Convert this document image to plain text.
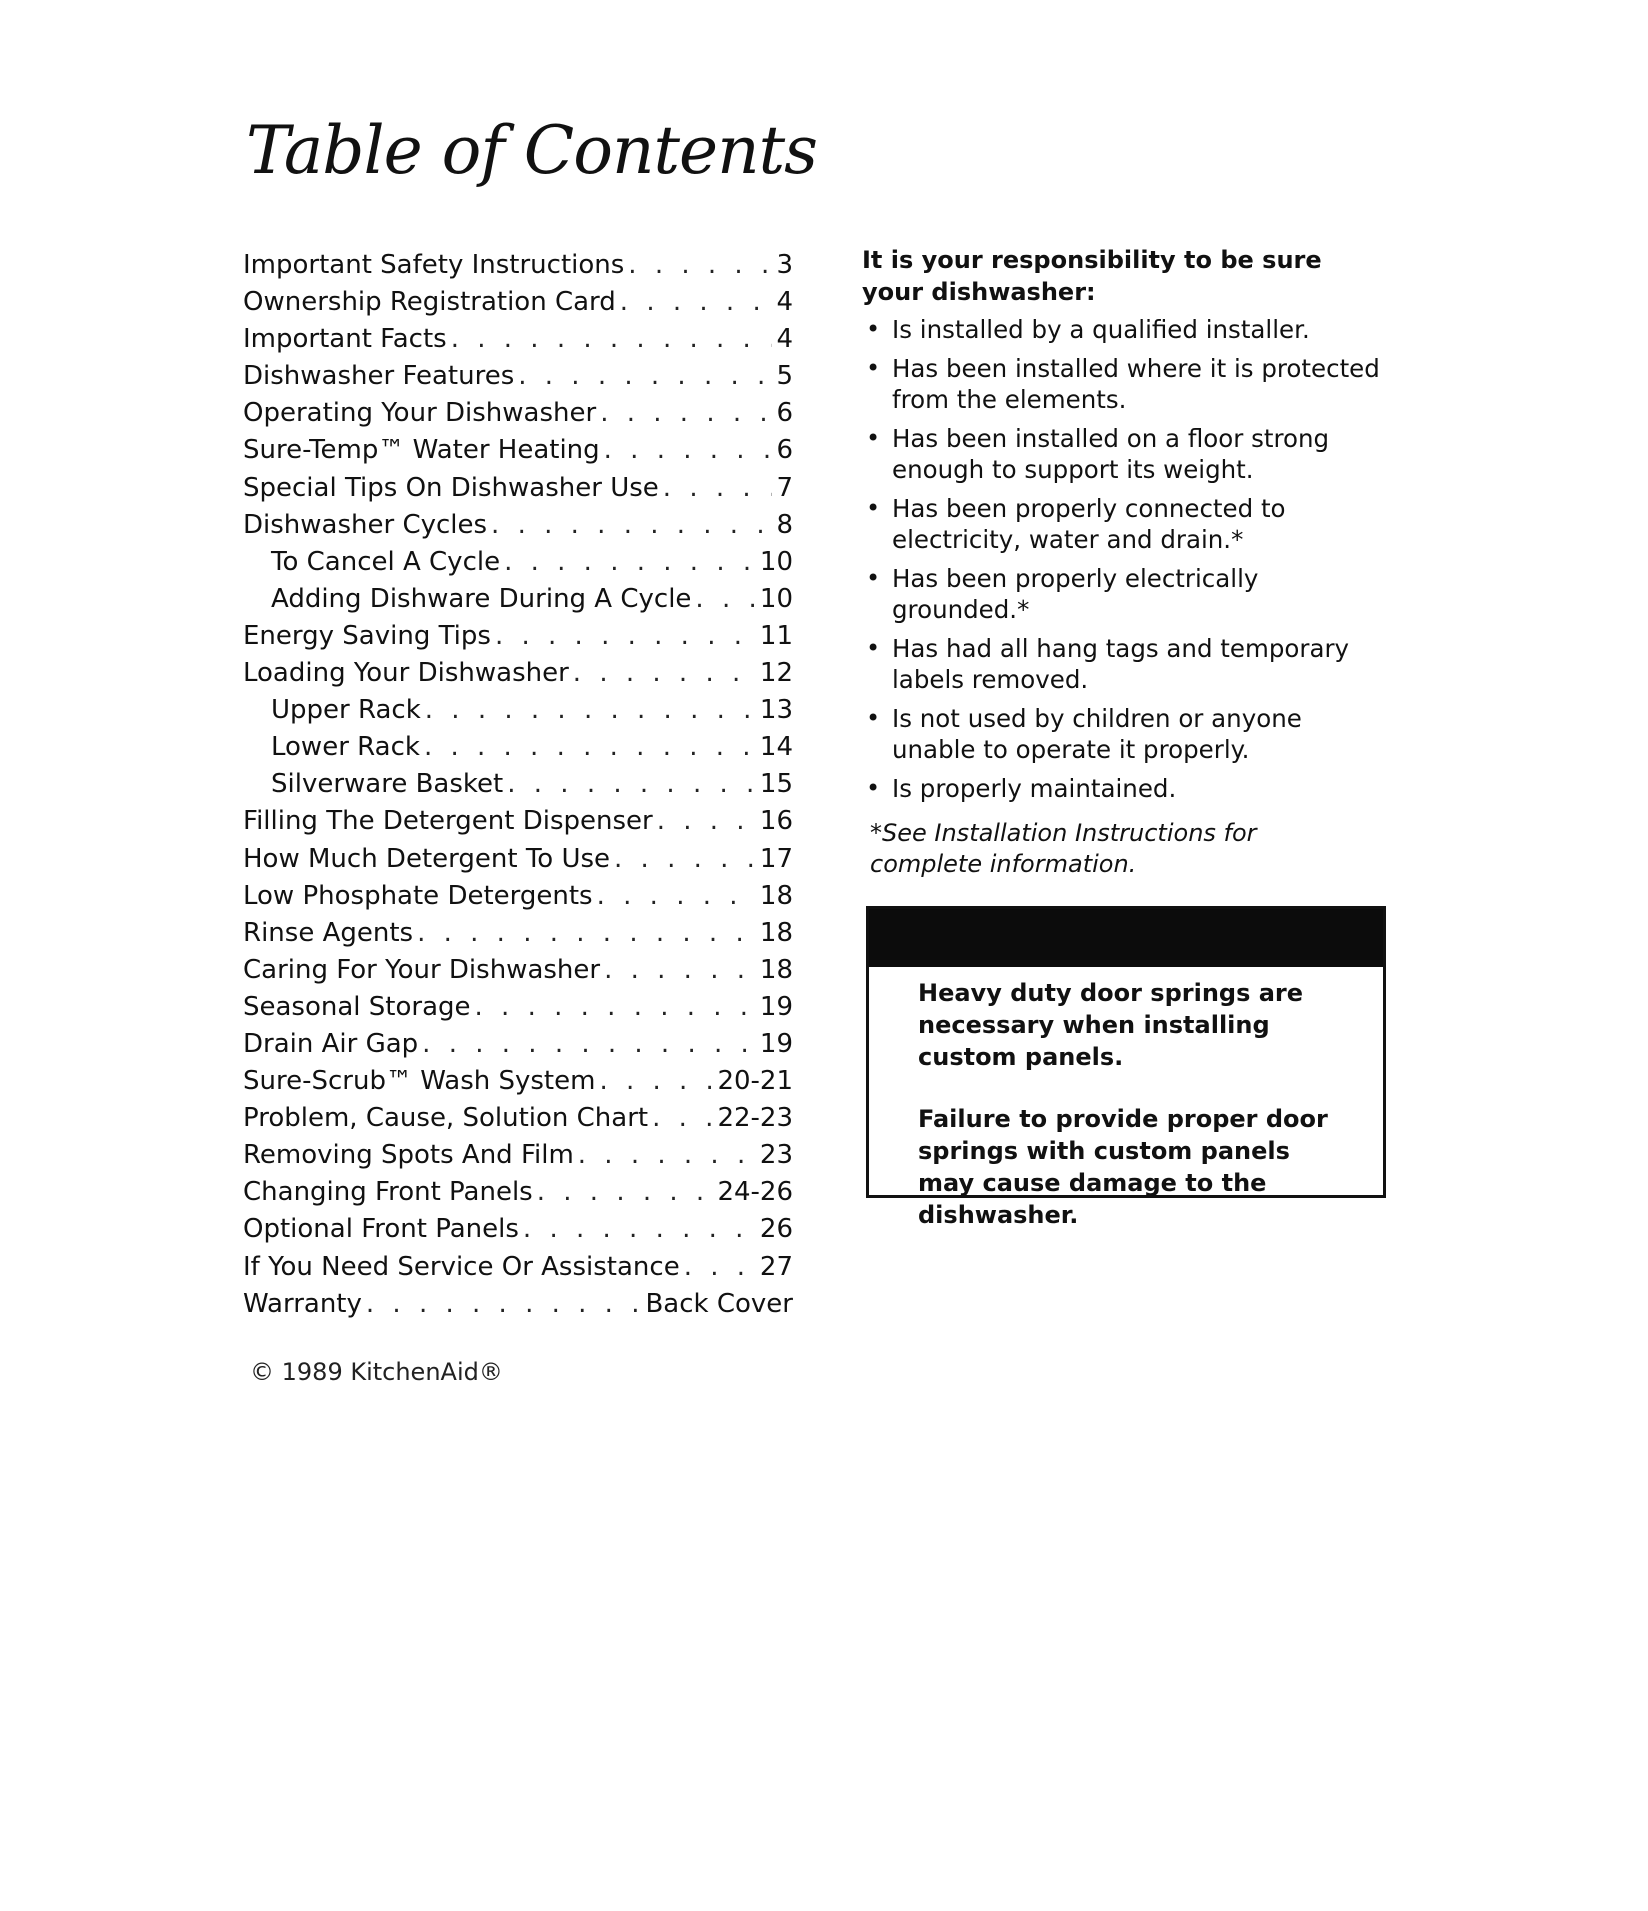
Table of Contents
Important Safety Instructions . . .	3
Ownership Registration Card . . .	4
Important Facts . . .	4
Dishwasher Features . . .	5
Operating Your Dishwasher . . .	6
Sure-Temp™ Water Heating . . .	6
Special Tips On Dishwasher Use . . .	7
Dishwasher Cycles . . .	8
To Cancel A Cycle . . .	10
Adding Dishware During A Cycle . . .	10
Energy Saving Tips . . .	11
Loading Your Dishwasher . . .	12
Upper Rack . . .	13
Lower Rack . . .	14
Silverware Basket . . .	15
Filling The Detergent Dispenser . . .	16
How Much Detergent To Use . . .	17
Low Phosphate Detergents . . .	18
Rinse Agents . . .	18
Caring For Your Dishwasher . . .	18
Seasonal Storage . . .	19
Drain Air Gap . . .	19
Sure-Scrub™ Wash System . . .	20-21
Problem, Cause, Solution Chart . . .	22-23
Removing Spots And Film . . .	23
Changing Front Panels . . .	24-26
Optional Front Panels . . .	26
If You Need Service Or Assistance . . .	27
Warranty . . .	Back Cover
© 1989 KitchenAid®

It is your responsibility to be sure your dishwasher:

• Is installed by a qualified installer.
• Has been installed where it is protected from the elements.
• Has been installed on a floor strong enough to support its weight.
• Has been properly connected to electricity, water and drain.*
• Has been properly electrically grounded.*
• Has had all hang tags and temporary labels removed.
• Is not used by children or anyone unable to operate it properly.
• Is properly maintained.

*See Installation Instructions for complete information.

Heavy duty door springs are necessary when installing custom panels.

Failure to provide proper door springs with custom panels may cause damage to the dishwasher.
